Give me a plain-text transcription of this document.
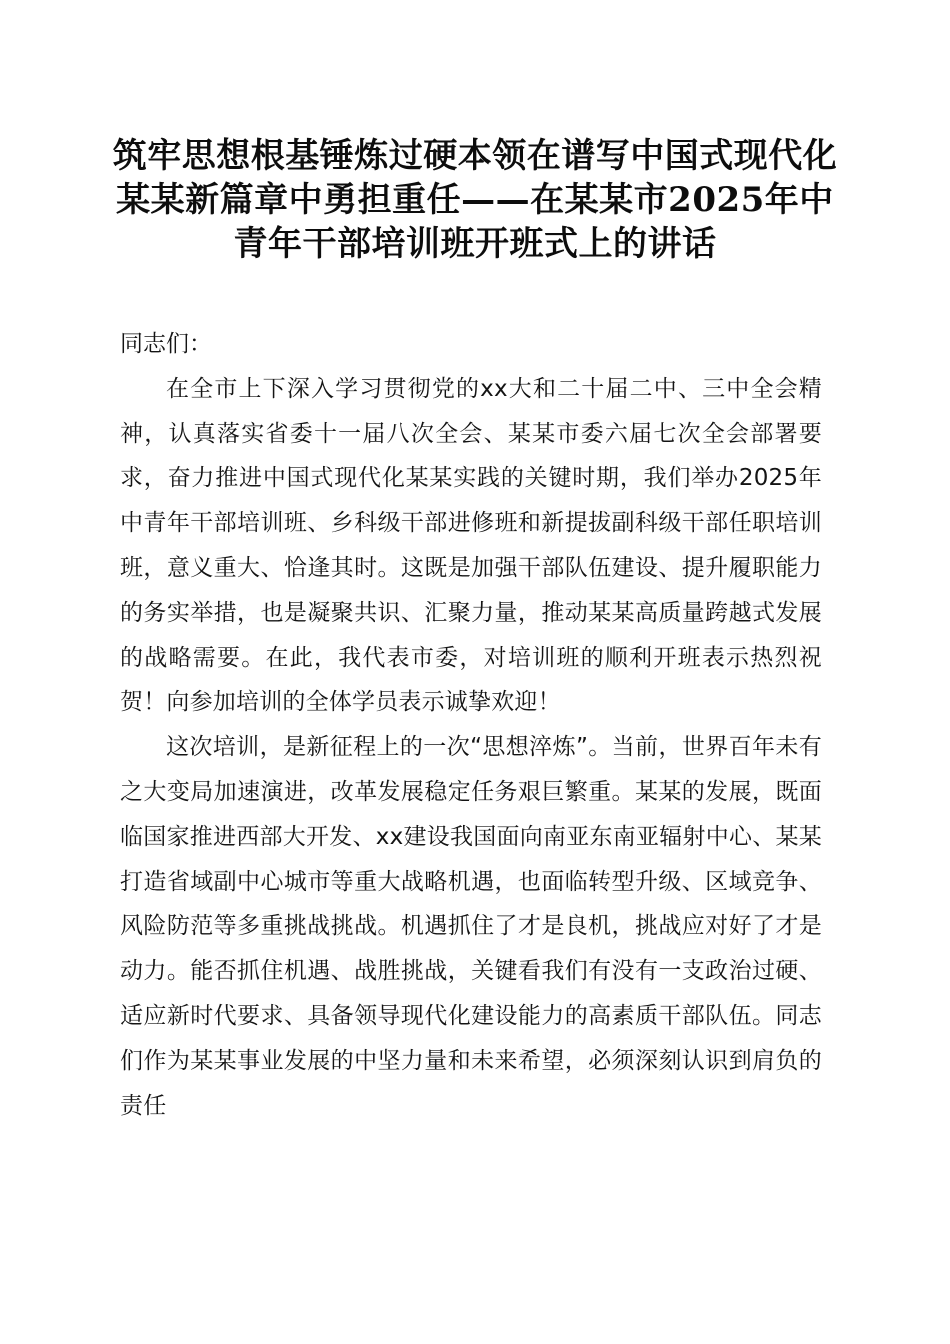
筑牢思想根基锤炼过硬本领在谱写中国式现代化某某新篇章中勇担重任——在某某市2025年中青年干部培训班开班式上的讲话

同志们：

在全市上下深入学习贯彻党的xx大和二十届二中、三中全会精神，认真落实省委十一届八次全会、某某市委六届七次全会部署要求，奋力推进中国式现代化某某实践的关键时期，我们举办2025年中青年干部培训班、乡科级干部进修班和新提拔副科级干部任职培训班，意义重大、恰逢其时。这既是加强干部队伍建设、提升履职能力的务实举措，也是凝聚共识、汇聚力量，推动某某高质量跨越式发展的战略需要。在此，我代表市委，对培训班的顺利开班表示热烈祝贺！向参加培训的全体学员表示诚挚欢迎！

这次培训，是新征程上的一次“思想淬炼”。当前，世界百年未有之大变局加速演进，改革发展稳定任务艰巨繁重。某某的发展，既面临国家推进西部大开发、xx建设我国面向南亚东南亚辐射中心、某某打造省域副中心城市等重大战略机遇，也面临转型升级、区域竞争、风险防范等多重挑战挑战。机遇抓住了才是良机，挑战应对好了才是动力。能否抓住机遇、战胜挑战，关键看我们有没有一支政治过硬、适应新时代要求、具备领导现代化建设能力的高素质干部队伍。同志们作为某某事业发展的中坚力量和未来希望，必须深刻认识到肩负的责任
